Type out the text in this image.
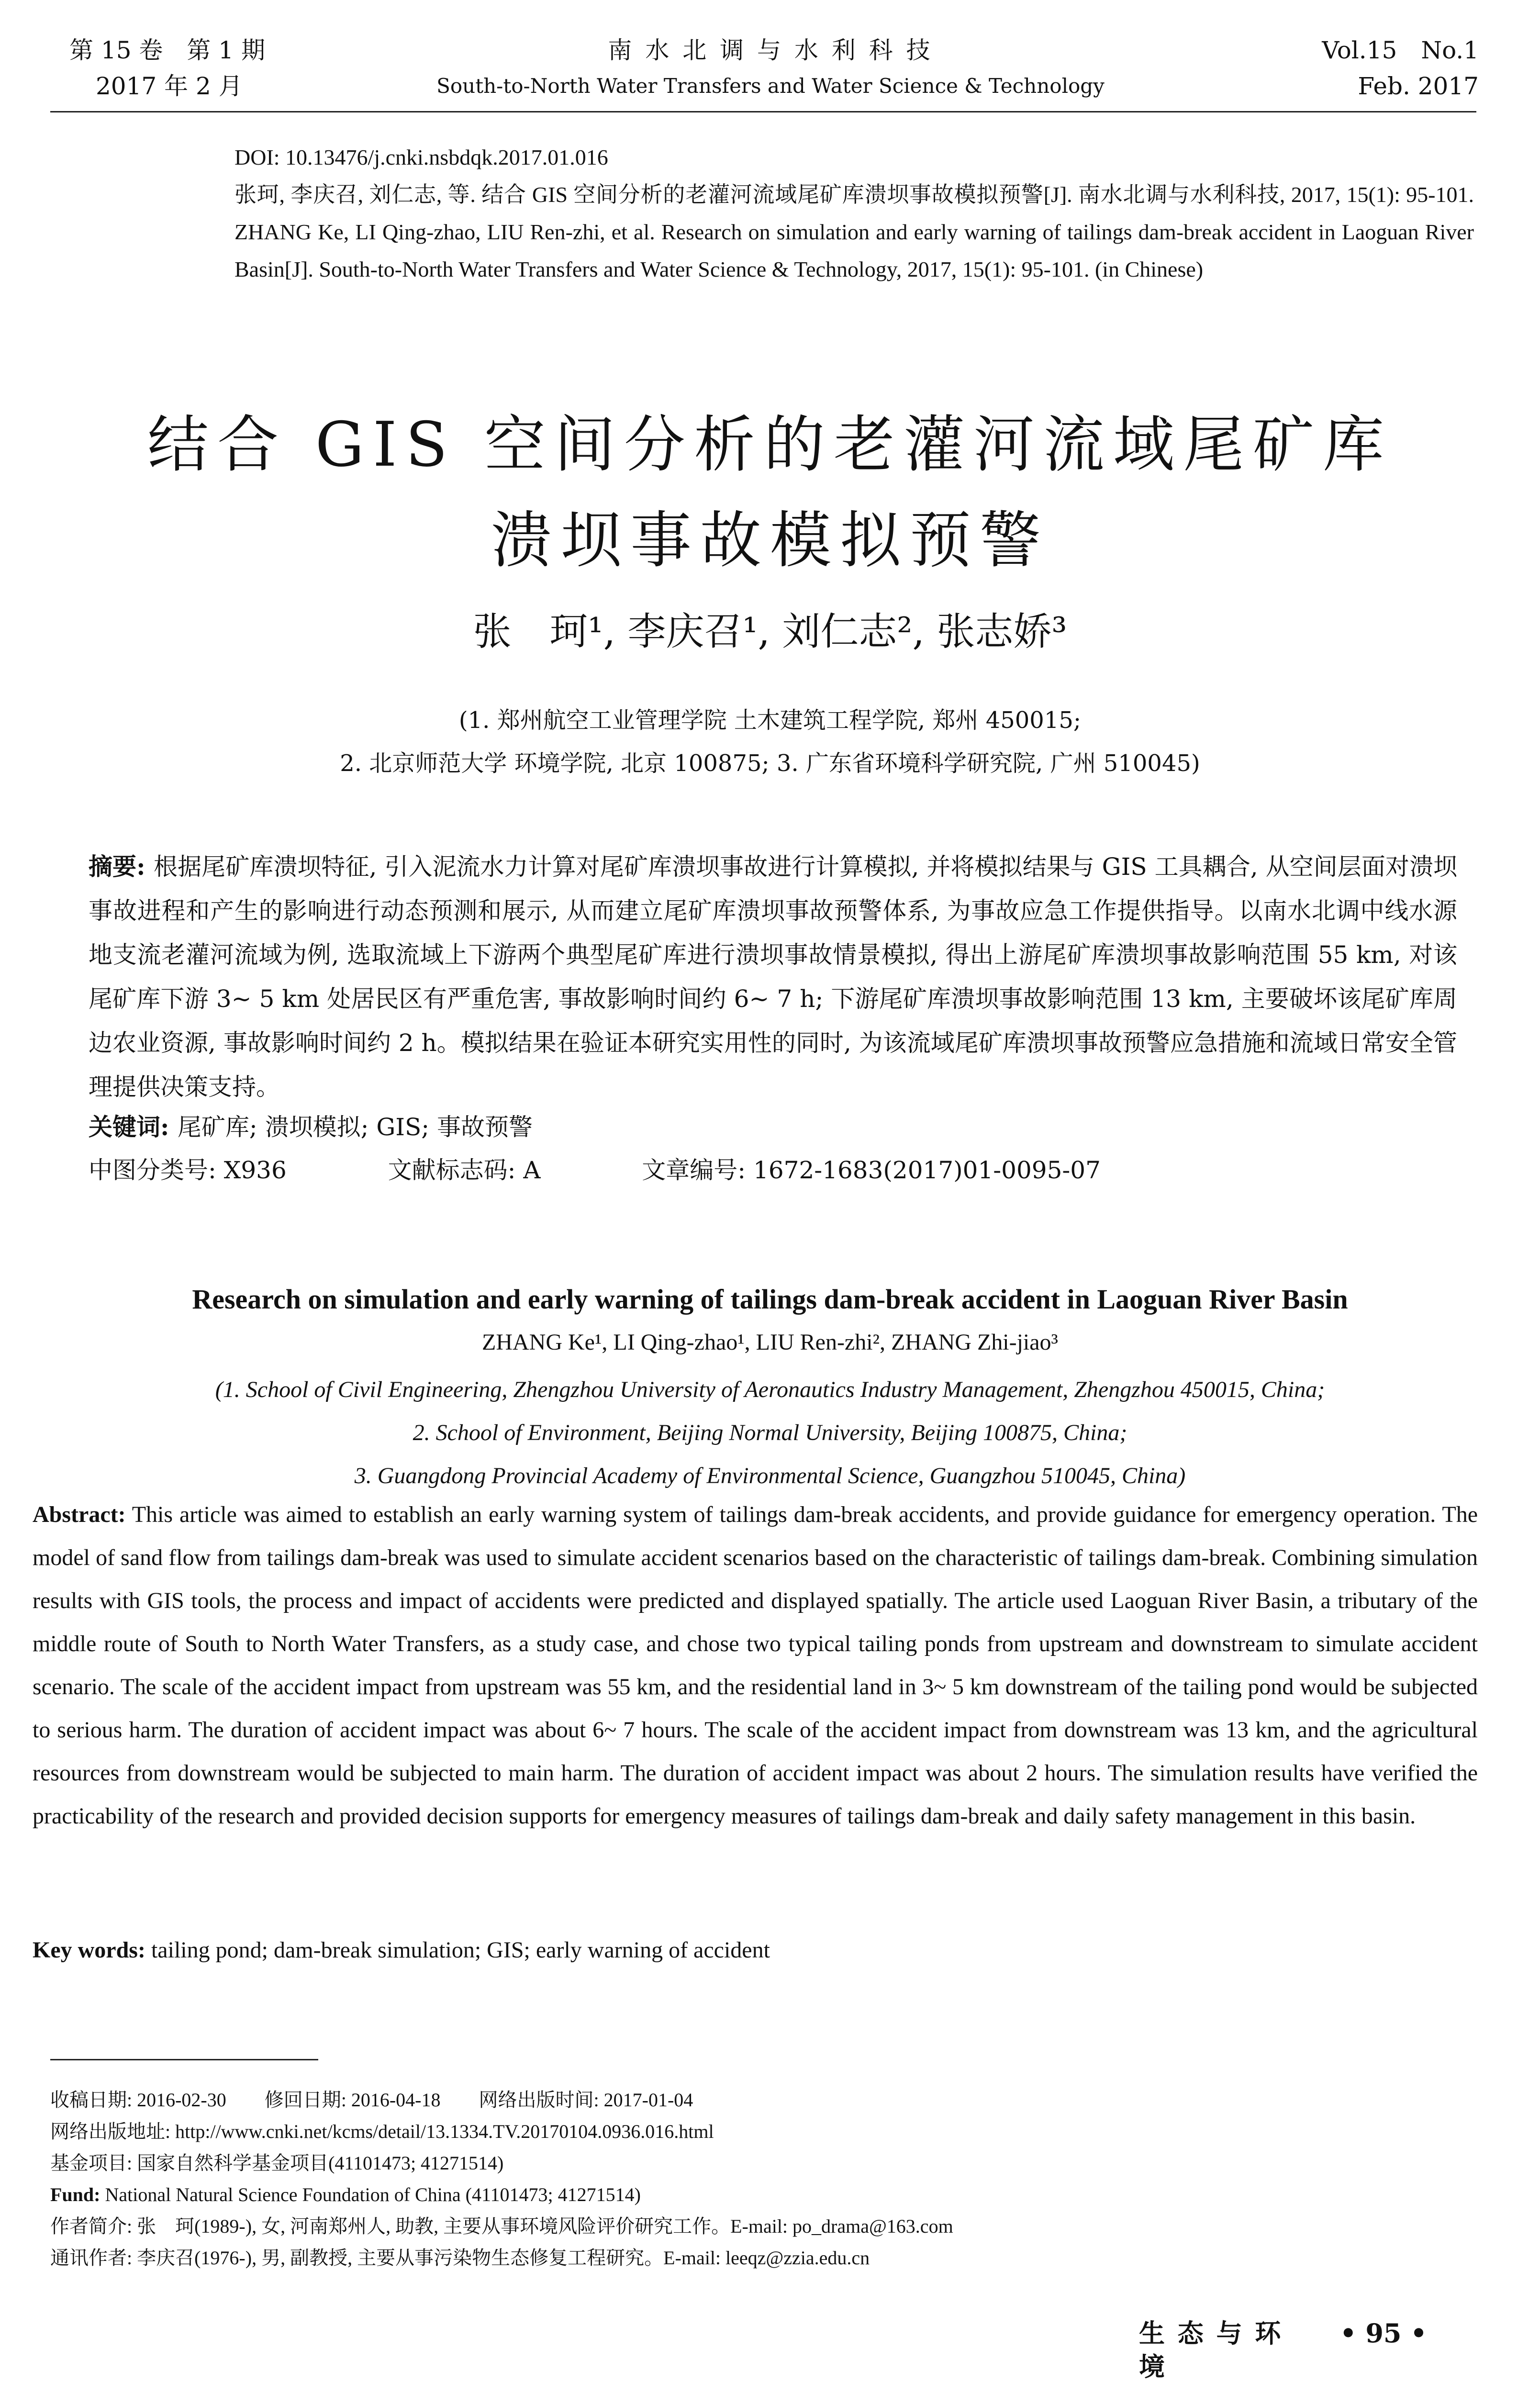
第 15 卷　第 1 期
2017 年 2 月
南 水 北 调 与 水 利 科 技
South-to-North Water Transfers and Water Science & Technology
Vol.15　No.1
Feb. 2017
DOI: 10.13476/j.cnki.nsbdqk.2017.01.016
张珂, 李庆召, 刘仁志, 等. 结合 GIS 空间分析的老灌河流域尾矿库溃坝事故模拟预警[J]. 南水北调与水利科技, 2017, 15(1): 95-101. ZHANG Ke, LI Qing-zhao, LIU Ren-zhi, et al. Research on simulation and early warning of tailings dam-break accident in Laoguan River Basin[J]. South-to-North Water Transfers and Water Science & Technology, 2017, 15(1): 95-101. (in Chinese)
结合 GIS 空间分析的老灌河流域尾矿库
溃坝事故模拟预警
张　珂¹, 李庆召¹, 刘仁志², 张志娇³
(1. 郑州航空工业管理学院 土木建筑工程学院, 郑州 450015;
2. 北京师范大学 环境学院, 北京 100875; 3. 广东省环境科学研究院, 广州 510045)
摘要: 根据尾矿库溃坝特征, 引入泥流水力计算对尾矿库溃坝事故进行计算模拟, 并将模拟结果与 GIS 工具耦合, 从空间层面对溃坝事故进程和产生的影响进行动态预测和展示, 从而建立尾矿库溃坝事故预警体系, 为事故应急工作提供指导。以南水北调中线水源地支流老灌河流域为例, 选取流域上下游两个典型尾矿库进行溃坝事故情景模拟, 得出上游尾矿库溃坝事故影响范围 55 km, 对该尾矿库下游 3~ 5 km 处居民区有严重危害, 事故影响时间约 6~ 7 h; 下游尾矿库溃坝事故影响范围 13 km, 主要破坏该尾矿库周边农业资源, 事故影响时间约 2 h。模拟结果在验证本研究实用性的同时, 为该流域尾矿库溃坝事故预警应急措施和流域日常安全管理提供决策支持。
关键词: 尾矿库; 溃坝模拟; GIS; 事故预警
中图分类号: X936	文献标志码: A	文章编号: 1672-1683(2017)01-0095-07
Research on simulation and early warning of tailings dam-break accident in Laoguan River Basin
ZHANG Ke¹, LI Qing-zhao¹, LIU Ren-zhi², ZHANG Zhi-jiao³
(1. School of Civil Engineering, Zhengzhou University of Aeronautics Industry Management, Zhengzhou 450015, China;
2. School of Environment, Beijing Normal University, Beijing 100875, China;
3. Guangdong Provincial Academy of Environmental Science, Guangzhou 510045, China)
Abstract: This article was aimed to establish an early warning system of tailings dam-break accidents, and provide guidance for emergency operation. The model of sand flow from tailings dam-break was used to simulate accident scenarios based on the characteristic of tailings dam-break. Combining simulation results with GIS tools, the process and impact of accidents were predicted and displayed spatially. The article used Laoguan River Basin, a tributary of the middle route of South to North Water Transfers, as a study case, and chose two typical tailing ponds from upstream and downstream to simulate accident scenario. The scale of the accident impact from upstream was 55 km, and the residential land in 3~ 5 km downstream of the tailing pond would be subjected to serious harm. The duration of accident impact was about 6~ 7 hours. The scale of the accident impact from downstream was 13 km, and the agricultural resources from downstream would be subjected to main harm. The duration of accident impact was about 2 hours. The simulation results have verified the practicability of the research and provided decision supports for emergency measures of tailings dam-break and daily safety management in this basin.
Key words: tailing pond; dam-break simulation; GIS; early warning of accident
收稿日期: 2016-02-30　　修回日期: 2016-04-18　　网络出版时间: 2017-01-04
网络出版地址: http://www.cnki.net/kcms/detail/13.1334.TV.20170104.0936.016.html
基金项目: 国家自然科学基金项目(41101473; 41271514)
Fund: National Natural Science Foundation of China (41101473; 41271514)
作者简介: 张　珂(1989-), 女, 河南郑州人, 助教, 主要从事环境风险评价研究工作。E-mail: po_drama@163.com
通讯作者: 李庆召(1976-), 男, 副教授, 主要从事污染物生态修复工程研究。E-mail: leeqz@zzia.edu.cn
生 态 与 环 境
• 95 •
